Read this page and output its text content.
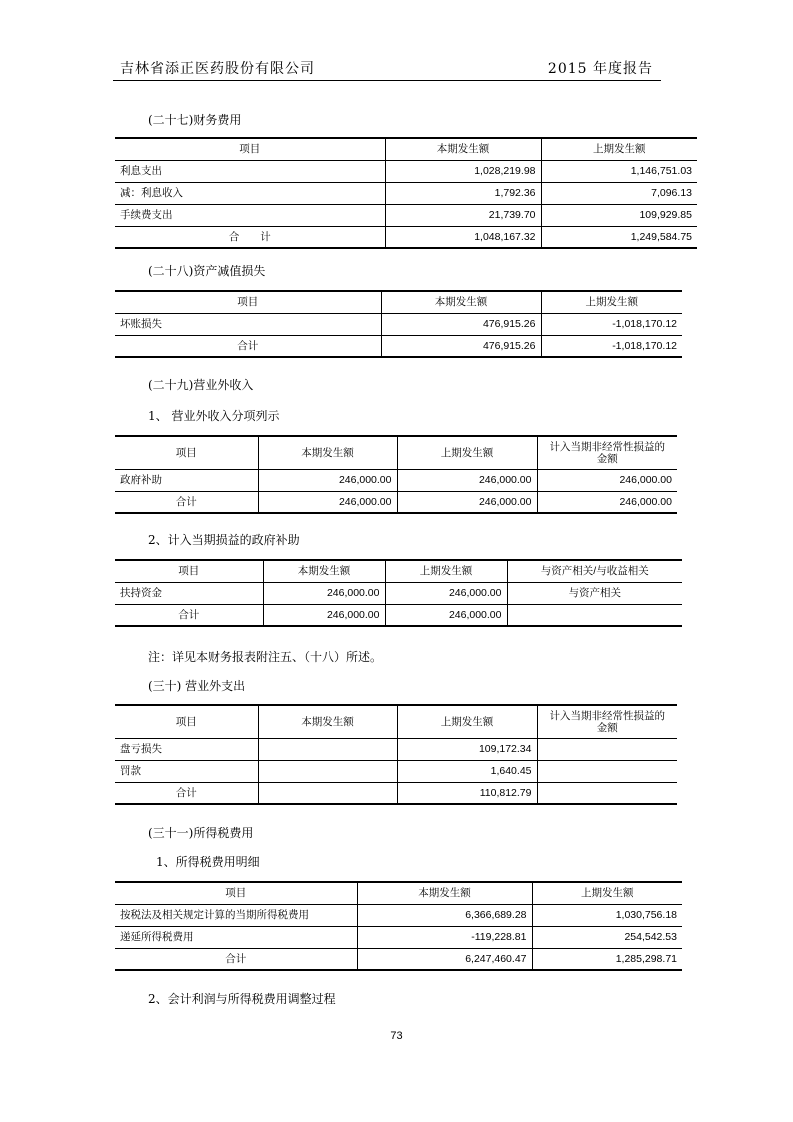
吉林省添正医药股份有限公司	2015 年度报告
(二十七)财务费用
项目	本期发生额	上期发生额
利息支出	1,028,219.98	1,146,751.03
减：利息收入	1,792.36	7,096.13
手续费支出	21,739.70	109,929.85
合　　计	1,048,167.32	1,249,584.75
(二十八)资产减值损失
项目	本期发生额	上期发生额
坏账损失	476,915.26	-1,018,170.12
合计	476,915.26	-1,018,170.12
(二十九)营业外收入
1、 营业外收入分项列示
项目	本期发生额	上期发生额	计入当期非经常性损益的金额
政府补助	246,000.00	246,000.00	246,000.00
合计	246,000.00	246,000.00	246,000.00
2、计入当期损益的政府补助
项目	本期发生额	上期发生额	与资产相关/与收益相关
扶持资金	246,000.00	246,000.00	与资产相关
合计	246,000.00	246,000.00	
注：详见本财务报表附注五、（十八）所述。
(三十) 营业外支出
项目	本期发生额	上期发生额	计入当期非经常性损益的金额
盘亏损失		109,172.34	
罚款		1,640.45	
合计		110,812.79	
(三十一)所得税费用
1、所得税费用明细
项目	本期发生额	上期发生额
按税法及相关规定计算的当期所得税费用	6,366,689.28	1,030,756.18
递延所得税费用	-119,228.81	254,542.53
合计	6,247,460.47	1,285,298.71
2、会计利润与所得税费用调整过程
73
